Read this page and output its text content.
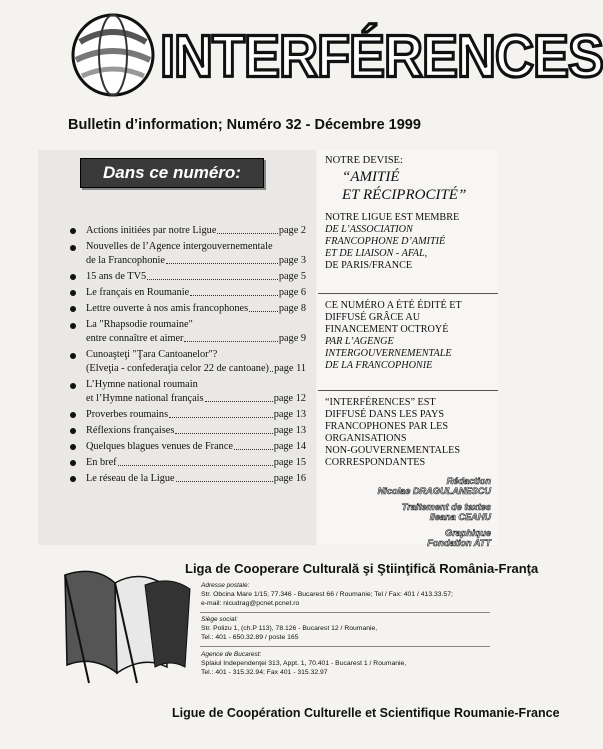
INTERFÉRENCES
Bulletin d’information; Numéro 32 - Décembre 1999
Dans ce numéro:
Actions initiées par notre Ligue	page 2
Nouvelles de l’Agence intergouvernementale
de la Francophonie	page 3
15 ans de TV5	page 5
Le français en Roumanie	page 6
Lettre ouverte à nos amis francophones	page 8
La "Rhapsodie roumaine"
entre connaître et aimer	page 9
Cunoaşteţi "Ţara Cantoanelor"?
(Elveţia - confederaţia celor 22 de cantoane) page 11
L’Hymne national roumain
et l’Hymne national français	page 12
Proverbes roumains	page 13
Réflexions françaises	page 13
Quelques blagues venues de France	page 14
En bref	page 15
Le réseau de la Ligue	page 16
NOTRE DEVISE:
“AMITIÉ
ET RÉCIPROCITÉ”
NOTRE LIGUE EST MEMBRE
DE L’ASSOCIATION
FRANCOPHONE D’AMITIÉ
ET DE LIAISON - AFAL,
DE PARIS/FRANCE
CE NUMÉRO A ÉTÉ ÉDITÉ ET
DIFFUSÉ GRÂCE AU
FINANCEMENT OCTROYÉ
PAR L’AGENGE
INTERGOUVERNEMENTALE
DE LA FRANCOPHONIE
“INTERFÉRENCES” EST
DIFFUSÉ DANS LES PAYS
FRANCOPHONES PAR LES
ORGANISATIONS
NON-GOUVERNEMENTALES
CORRESPONDANTES
Rédaction
Nicolae DRAGULANESCU
Traitement de textes
Ileana CEAHU
Graphique
Fondation ATT
Liga de Cooperare Culturală şi Ştiinţifică România-Franţa
Adresse postale:
Str. Obcina Mare 1/15; 77.346 - Bucarest 66 / Roumanie; Tel / Fax: 401 / 413.33.57;
e-mail: nicudrag@pcnet.pcnet.ro
Siège social:
Str. Polizu 1, (ch.P 113), 78.126 - Bucarest 12 / Roumanie,
Tel.: 401 - 650.32.89 / poste 165
Agence de Bucarest:
Splaiul Independenţei 313, Appt. 1, 70.401 - Bucarest 1 / Roumanie,
Tel.: 401 - 315.32.94; Fax 401 - 315.32.97
Ligue de Coopération Culturelle et Scientifique Roumanie-France
